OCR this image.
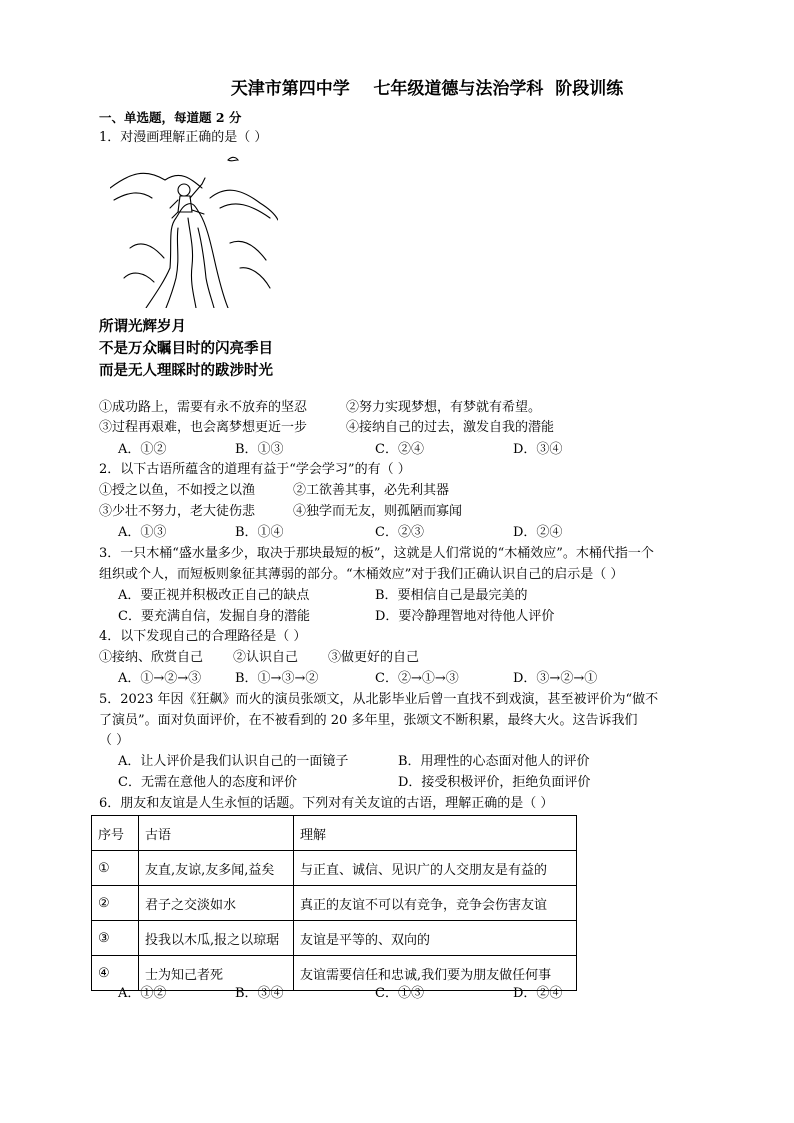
天津市第四中学    七年级道德与法治学科  阶段训练
一、单选题，每道题 2 分
1．对漫画理解正确的是（ ）
所谓光辉岁月
不是万众瞩目时的闪亮季目
而是无人理睬时的跋涉时光
①成功路上，需要有永不放弃的坚忍	②努力实现梦想，有梦就有希望。
③过程再艰难，也会离梦想更近一步	④接纳自己的过去，激发自我的潜能
A．①②	B．①③	C．②④	D．③④
2．以下古语所蕴含的道理有益于“学会学习”的有（ ）
①授之以鱼，不如授之以渔	②工欲善其事，必先利其器
③少壮不努力，老大徒伤悲	④独学而无友，则孤陋而寡闻
A．①③	B．①④	C．②③	D．②④
3．一只木桶“盛水量多少，取决于那块最短的板”，这就是人们常说的“木桶效应”。木桶代指一个
组织或个人，而短板则象征其薄弱的部分。“木桶效应”对于我们正确认识自己的启示是（ ）
A．要正视并积极改正自己的缺点	B．要相信自己是最完美的
C．要充满自信，发掘自身的潜能	D．要冷静理智地对待他人评价
4．以下发现自己的合理路径是（ ）
①接纳、欣赏自己 ②认识自己 ③做更好的自己
A．①→②→③	B．①→③→②	C．②→①→③	D．③→②→①
5．2023 年因《狂飙》而火的演员张颂文，从北影毕业后曾一直找不到戏演，甚至被评价为“做不
了演员”。面对负面评价，在不被看到的 20 多年里，张颂文不断积累，最终大火。这告诉我们
（ ）
A．让人评价是我们认识自己的一面镜子	B．用理性的心态面对他人的评价
C．无需在意他人的态度和评价	D．接受积极评价，拒绝负面评价
6．朋友和友谊是人生永恒的话题。下列对有关友谊的古语，理解正确的是（ ）
序号	古语	理解
①	友直,友谅,友多闻,益矣	与正直、诚信、见识广的人交朋友是有益的
②	君子之交淡如水	真正的友谊不可以有竞争，竞争会伤害友谊
③	投我以木瓜,报之以琼琚	友谊是平等的、双向的
④	士为知己者死	友谊需要信任和忠诚,我们要为朋友做任何事
A．①②	B．③④	C．①③	D．②④
